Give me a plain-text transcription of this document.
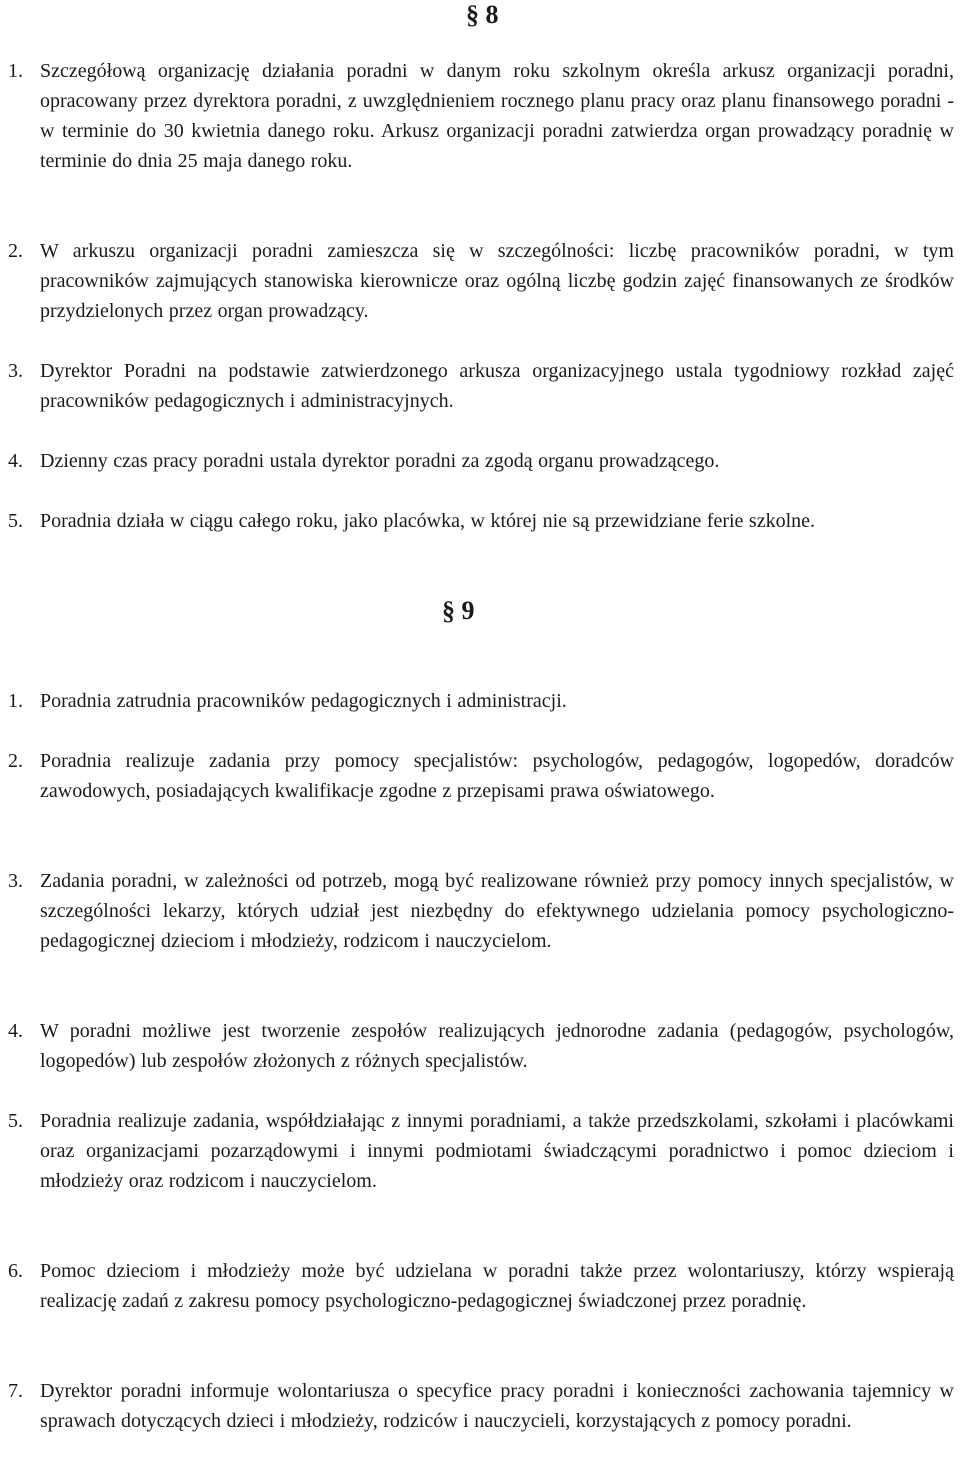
§ 8
1. Szczegółową organizację działania poradni w danym roku szkolnym określa arkusz organizacji poradni, opracowany przez dyrektora poradni, z uwzględnieniem rocznego planu pracy oraz planu finansowego poradni - w terminie do 30 kwietnia danego roku. Arkusz organizacji poradni zatwierdza organ prowadzący poradnię w terminie do dnia 25 maja danego roku.
2. W arkuszu organizacji poradni zamieszcza się w szczególności: liczbę pracowników poradni, w tym pracowników zajmujących stanowiska kierownicze oraz ogólną liczbę godzin zajęć finansowanych ze środków przydzielonych przez organ prowadzący.
3. Dyrektor Poradni na podstawie zatwierdzonego arkusza organizacyjnego ustala tygodniowy rozkład zajęć pracowników pedagogicznych i administracyjnych.
4. Dzienny czas pracy poradni ustala dyrektor poradni za zgodą organu prowadzącego.
5. Poradnia działa w ciągu całego roku, jako placówka, w której nie są przewidziane ferie szkolne.
§ 9
1. Poradnia zatrudnia pracowników pedagogicznych i administracji.
2. Poradnia realizuje zadania przy pomocy specjalistów: psychologów, pedagogów, logopedów, doradców zawodowych, posiadających kwalifikacje zgodne z przepisami prawa oświatowego.
3. Zadania poradni, w zależności od potrzeb, mogą być realizowane również przy pomocy innych specjalistów, w szczególności lekarzy, których udział jest niezbędny do efektywnego udzielania pomocy psychologiczno-pedagogicznej dzieciom i młodzieży, rodzicom i nauczycielom.
4. W poradni możliwe jest tworzenie zespołów realizujących jednorodne zadania (pedagogów, psychologów, logopedów) lub zespołów złożonych z różnych specjalistów.
5. Poradnia realizuje zadania, współdziałając z innymi poradniami, a także przedszkolami, szkołami i placówkami oraz organizacjami pozarządowymi i innymi podmiotami świadczącymi poradnictwo i pomoc dzieciom i młodzieży oraz rodzicom i nauczycielom.
6. Pomoc dzieciom i młodzieży może być udzielana w poradni także przez wolontariuszy, którzy wspierają realizację zadań z zakresu pomocy psychologiczno-pedagogicznej świadczonej przez poradnię.
7. Dyrektor poradni informuje wolontariusza o specyfice pracy poradni i konieczności zachowania tajemnicy w sprawach dotyczących dzieci i młodzieży, rodziców i nauczycieli, korzystających z pomocy poradni.
